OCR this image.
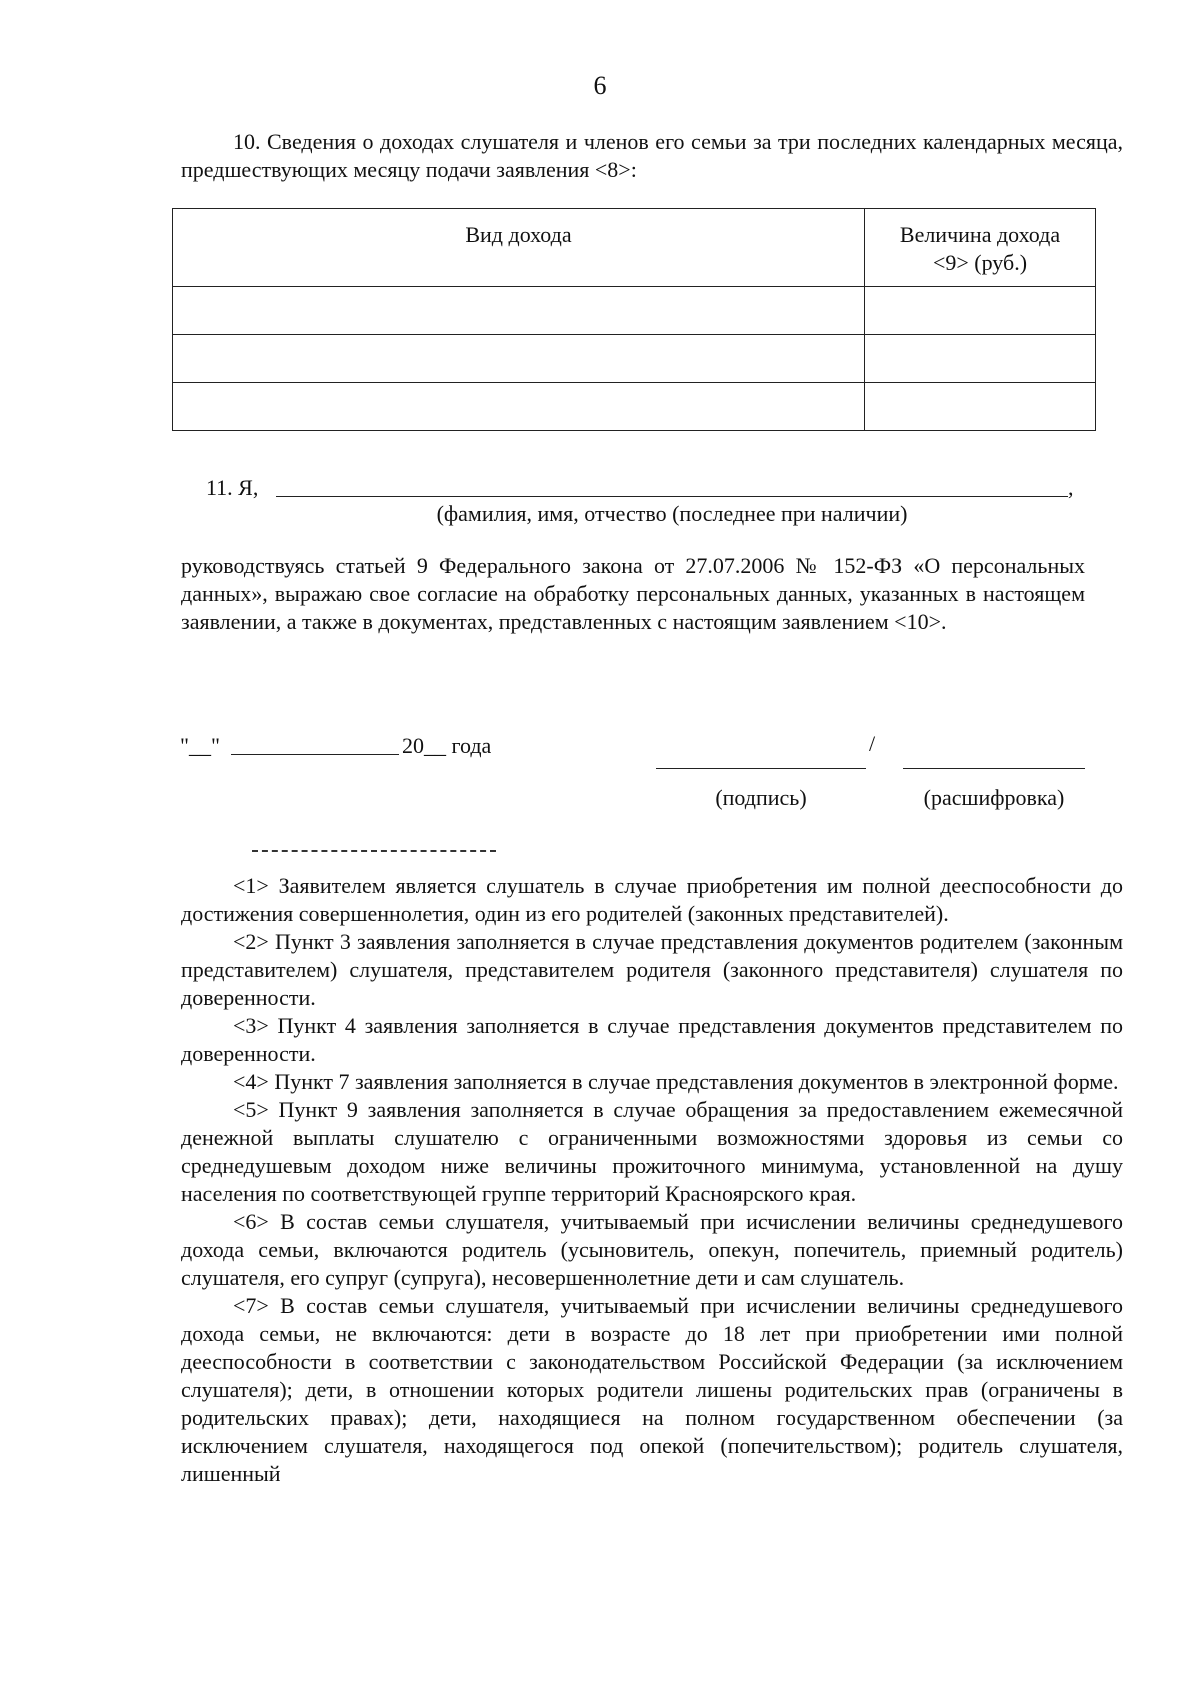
6

10. Сведения о доходах слушателя и членов его семьи за три последних календарных месяца, предшествующих месяцу подачи заявления <8>:

Вид дохода	Величина дохода <9> (руб.)

11. Я,	,
(фамилия, имя, отчество (последнее при наличии)

руководствуясь статьей 9 Федерального закона от 27.07.2006 № 152-ФЗ «О персональных данных», выражаю свое согласие на обработку персональных данных, указанных в настоящем заявлении, а также в документах, представленных с настоящим заявлением <10>.

"__"	20__ года	/
(подпись)	(расшифровка)

<1> Заявителем является слушатель в случае приобретения им полной дееспособности до достижения совершеннолетия, один из его родителей (законных представителей).

<2> Пункт 3 заявления заполняется в случае представления документов родителем (законным представителем) слушателя, представителем родителя (законного представителя) слушателя по доверенности.

<3> Пункт 4 заявления заполняется в случае представления документов представителем по доверенности.

<4> Пункт 7 заявления заполняется в случае представления документов в электронной форме.

<5> Пункт 9 заявления заполняется в случае обращения за предоставлением ежемесячной денежной выплаты слушателю с ограниченными возможностями здоровья из семьи со среднедушевым доходом ниже величины прожиточного минимума, установленной на душу населения по соответствующей группе территорий Красноярского края.

<6> В состав семьи слушателя, учитываемый при исчислении величины среднедушевого дохода семьи, включаются родитель (усыновитель, опекун, попечитель, приемный родитель) слушателя, его супруг (супруга), несовершеннолетние дети и сам слушатель.

<7> В состав семьи слушателя, учитываемый при исчислении величины среднедушевого дохода семьи, не включаются: дети в возрасте до 18 лет при приобретении ими полной дееспособности в соответствии с законодательством Российской Федерации (за исключением слушателя); дети, в отношении которых родители лишены родительских прав (ограничены в родительских правах); дети, находящиеся на полном государственном обеспечении (за исключением слушателя, находящегося под опекой (попечительством); родитель слушателя, лишенный
